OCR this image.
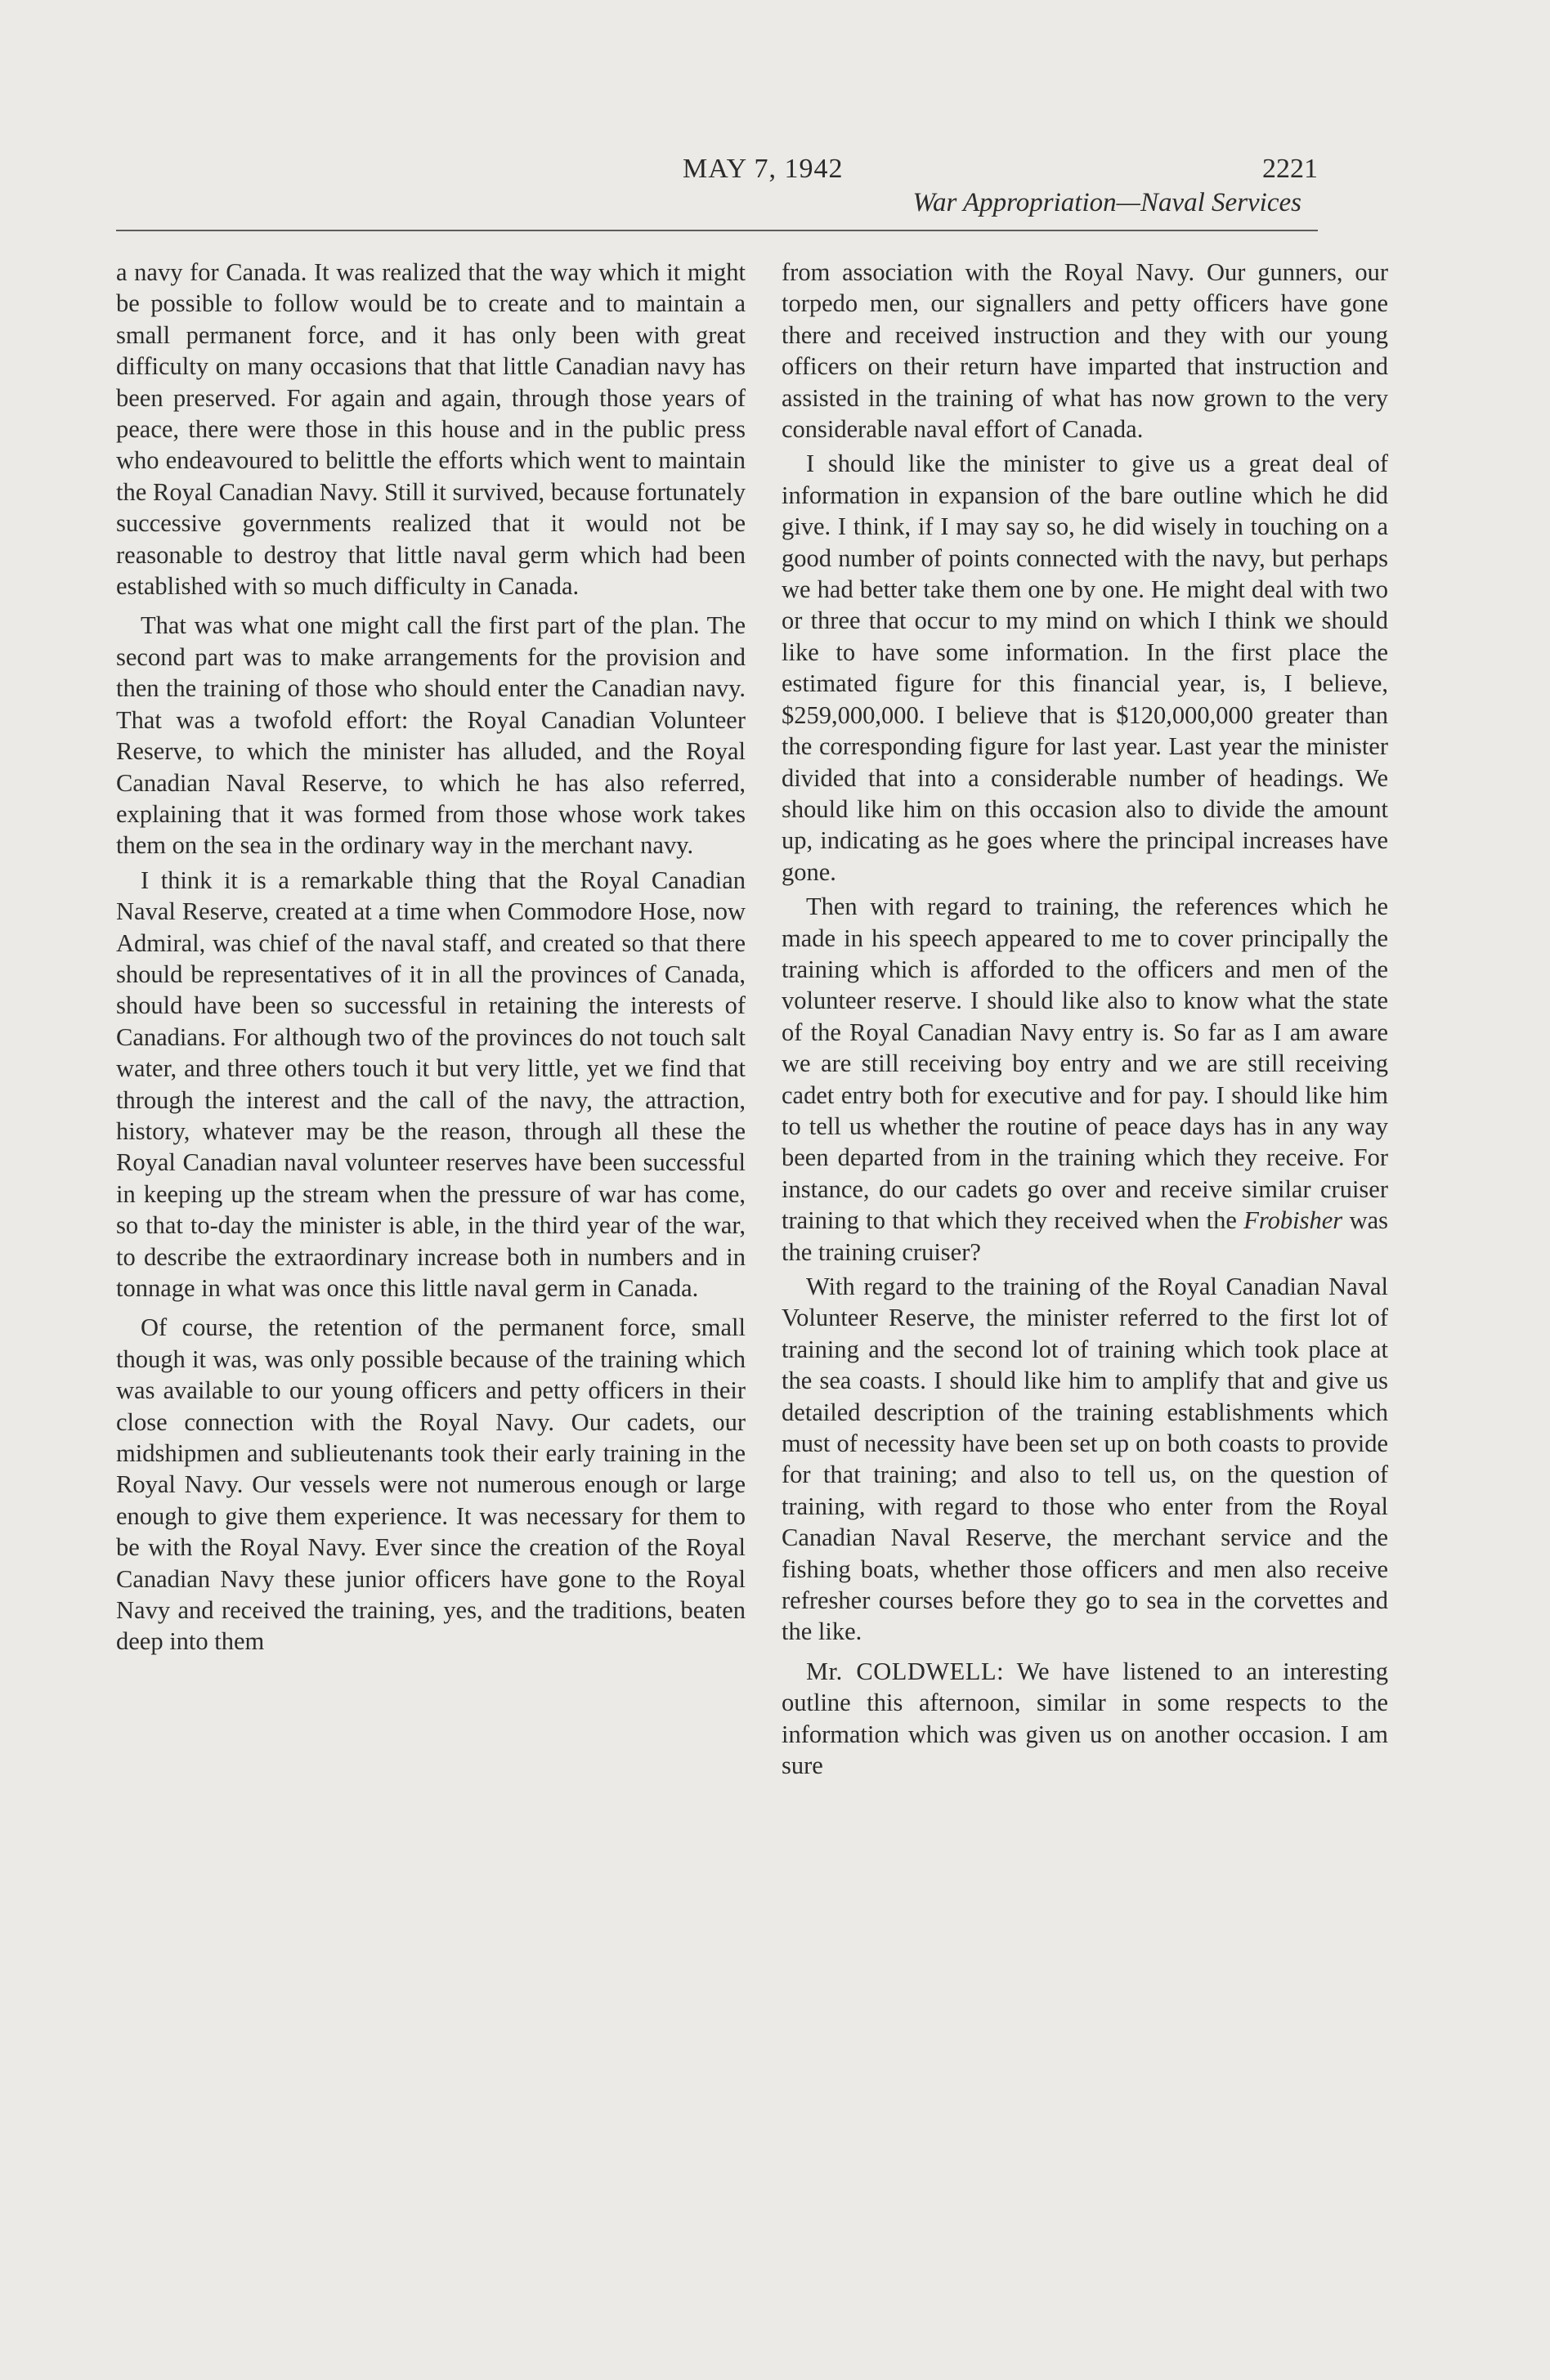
MAY 7, 1942	2221
War Appropriation—Naval Services

a navy for Canada. It was realized that the way which it might be possible to follow would be to create and to maintain a small permanent force, and it has only been with great difficulty on many occasions that that little Canadian navy has been preserved. For again and again, through those years of peace, there were those in this house and in the public press who endeavoured to belittle the efforts which went to maintain the Royal Canadian Navy. Still it survived, because fortunately successive governments realized that it would not be reasonable to destroy that little naval germ which had been established with so much difficulty in Canada.

That was what one might call the first part of the plan. The second part was to make arrangements for the provision and then the training of those who should enter the Canadian navy. That was a twofold effort: the Royal Canadian Volunteer Reserve, to which the minister has alluded, and the Royal Canadian Naval Reserve, to which he has also referred, explaining that it was formed from those whose work takes them on the sea in the ordinary way in the merchant navy.

I think it is a remarkable thing that the Royal Canadian Naval Reserve, created at a time when Commodore Hose, now Admiral, was chief of the naval staff, and created so that there should be representatives of it in all the provinces of Canada, should have been so successful in retaining the interests of Canadians. For although two of the provinces do not touch salt water, and three others touch it but very little, yet we find that through the interest and the call of the navy, the attraction, history, whatever may be the reason, through all these the Royal Canadian naval volunteer reserves have been successful in keeping up the stream when the pressure of war has come, so that to-day the minister is able, in the third year of the war, to describe the extraordinary increase both in numbers and in tonnage in what was once this little naval germ in Canada.

Of course, the retention of the permanent force, small though it was, was only possible because of the training which was available to our young officers and petty officers in their close connection with the Royal Navy. Our cadets, our midshipmen and sublieutenants took their early training in the Royal Navy. Our vessels were not numerous enough or large enough to give them experience. It was necessary for them to be with the Royal Navy. Ever since the creation of the Royal Canadian Navy these junior officers have gone to the Royal Navy and received the training, yes, and the traditions, beaten deep into them

from association with the Royal Navy. Our gunners, our torpedo men, our signallers and petty officers have gone there and received instruction and they with our young officers on their return have imparted that instruction and assisted in the training of what has now grown to the very considerable naval effort of Canada.

I should like the minister to give us a great deal of information in expansion of the bare outline which he did give. I think, if I may say so, he did wisely in touching on a good number of points connected with the navy, but perhaps we had better take them one by one. He might deal with two or three that occur to my mind on which I think we should like to have some information. In the first place the estimated figure for this financial year, is, I believe, $259,000,000. I believe that is $120,000,000 greater than the corresponding figure for last year. Last year the minister divided that into a considerable number of headings. We should like him on this occasion also to divide the amount up, indicating as he goes where the principal increases have gone.

Then with regard to training, the references which he made in his speech appeared to me to cover principally the training which is afforded to the officers and men of the volunteer reserve. I should like also to know what the state of the Royal Canadian Navy entry is. So far as I am aware we are still receiving boy entry and we are still receiving cadet entry both for executive and for pay. I should like him to tell us whether the routine of peace days has in any way been departed from in the training which they receive. For instance, do our cadets go over and receive similar cruiser training to that which they received when the Frobisher was the training cruiser?

With regard to the training of the Royal Canadian Naval Volunteer Reserve, the minister referred to the first lot of training and the second lot of training which took place at the sea coasts. I should like him to amplify that and give us detailed description of the training establishments which must of necessity have been set up on both coasts to provide for that training; and also to tell us, on the question of training, with regard to those who enter from the Royal Canadian Naval Reserve, the merchant service and the fishing boats, whether those officers and men also receive refresher courses before they go to sea in the corvettes and the like.

Mr. COLDWELL: We have listened to an interesting outline this afternoon, similar in some respects to the information which was given us on another occasion. I am sure
